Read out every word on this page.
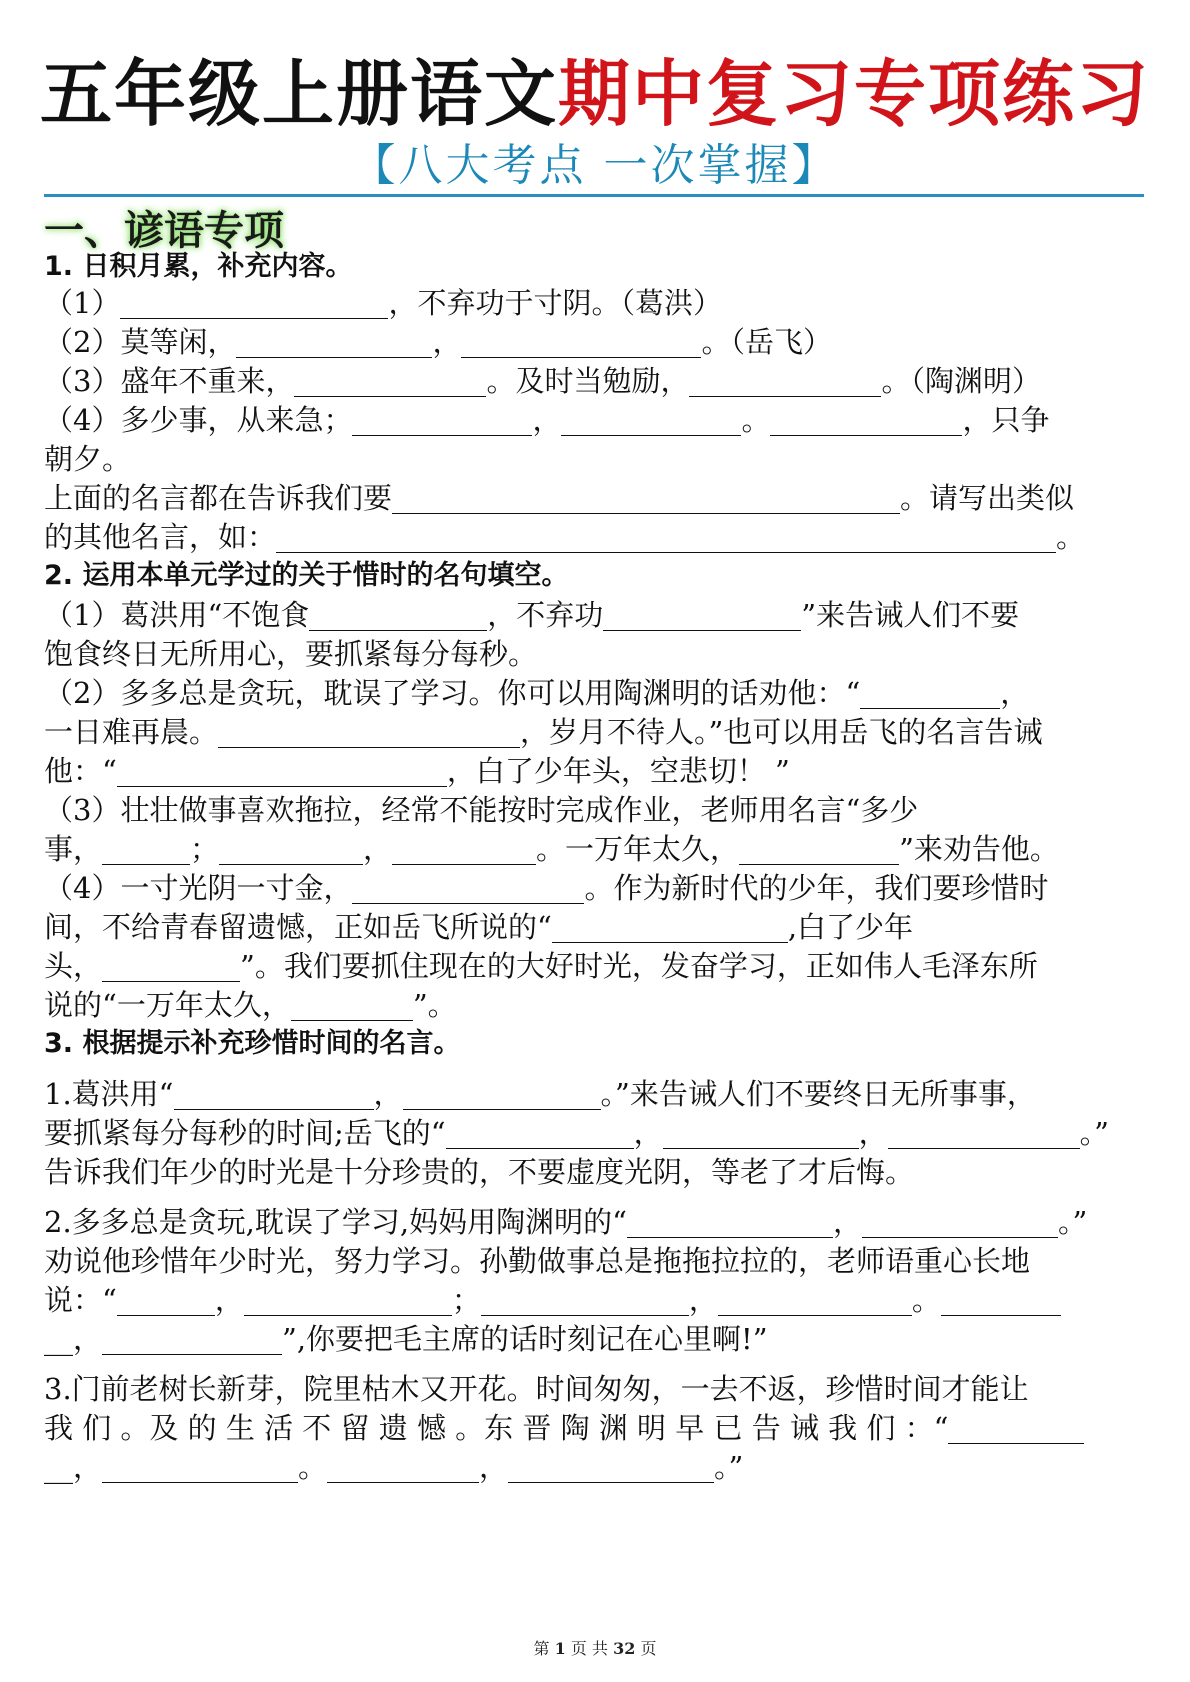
五年级上册语文期中复习专项练习
【八大考点 一次掌握】
一、谚语专项
1. 日积月累，补充内容。
（1）	，不弃功于寸阴。（葛洪）
（2）莫等闲，	，	。（岳飞）
（3）盛年不重来，	。及时当勉励，	。（陶渊明）
（4）多少事，从来急；	，	。	，只争
朝夕。
上面的名言都在告诉我们要	。请写出类似
的其他名言，如：	。
2. 运用本单元学过的关于惜时的名句填空。
（1）葛洪用“不饱食	，不弃功	”来告诫人们不要
饱食终日无所用心，要抓紧每分每秒。
（2）多多总是贪玩，耽误了学习。你可以用陶渊明的话劝他：“	，
一日难再晨。	，岁月不待人。”也可以用岳飞的名言告诫
他：“	，白了少年头，空悲切！ ”
（3）壮壮做事喜欢拖拉，经常不能按时完成作业，老师用名言“多少
事，	；	，	。一万年太久，	”来劝告他。
（4）一寸光阴一寸金，	。作为新时代的少年，我们要珍惜时
间，不给青春留遗憾，正如岳飞所说的“	,白了少年
头，	”。我们要抓住现在的大好时光，发奋学习，正如伟人毛泽东所
说的“一万年太久，	”。
3. 根据提示补充珍惜时间的名言。
1.葛洪用“	，	。”来告诫人们不要终日无所事事，
要抓紧每分每秒的时间;岳飞的“	，	，	。”
告诉我们年少的时光是十分珍贵的，不要虚度光阴，等老了才后悔。
2.多多总是贪玩,耽误了学习,妈妈用陶渊明的“	，	。”
劝说他珍惜年少时光，努力学习。孙勤做事总是拖拖拉拉的，老师语重心长地
说：“	，	；	，	。
__，	”,你要把毛主席的话时刻记在心里啊!”
3.门前老树长新芽，院里枯木又开花。时间匆匆，一去不返，珍惜时间才能让
我 们 。及 的 生 活 不 留 遗 憾 。东 晋 陶 渊 明 早 已 告 诫 我 们 ：“
__，	。	，	。”
第 1 页 共 32 页
